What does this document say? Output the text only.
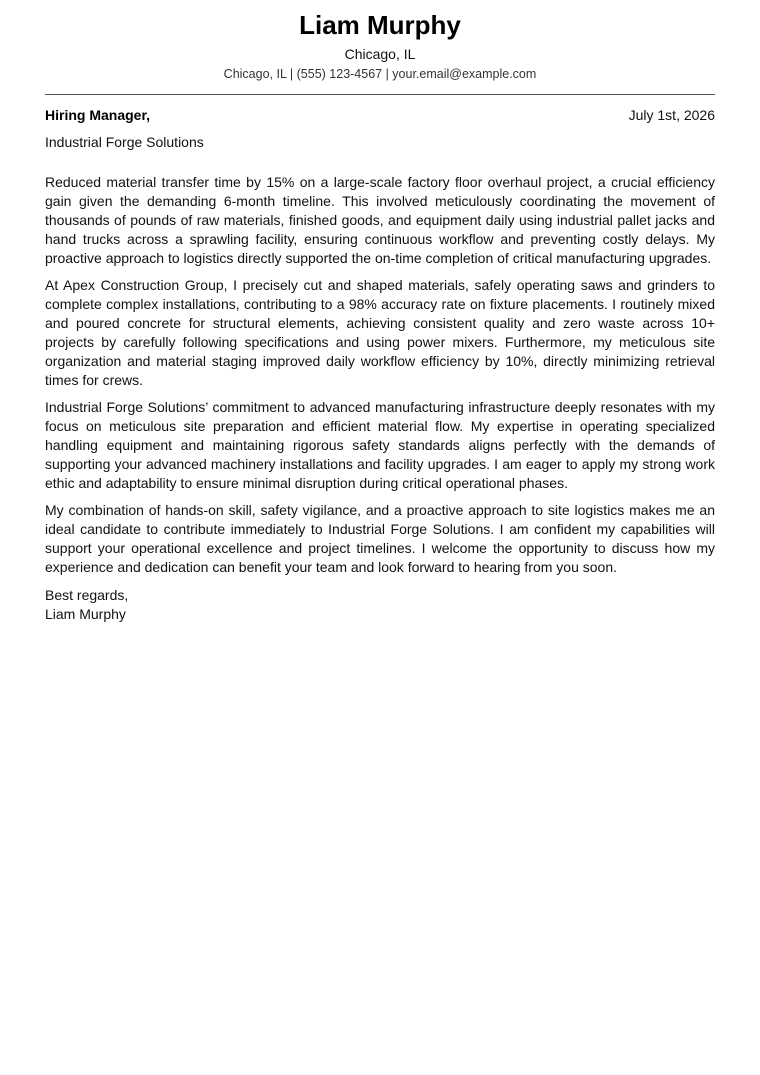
Liam Murphy
Chicago, IL
Chicago, IL | (555) 123-4567 | your.email@example.com
Hiring Manager,	July 1st, 2026
Industrial Forge Solutions

Reduced material transfer time by 15% on a large-scale factory floor overhaul project, a crucial efficiency gain given the demanding 6-month timeline. This involved meticulously coordinating the movement of thousands of pounds of raw materials, finished goods, and equipment daily using industrial pallet jacks and hand trucks across a sprawling facility, ensuring continuous workflow and preventing costly delays. My proactive approach to logistics directly supported the on-time completion of critical manufacturing upgrades.

At Apex Construction Group, I precisely cut and shaped materials, safely operating saws and grinders to complete complex installations, contributing to a 98% accuracy rate on fixture placements. I routinely mixed and poured concrete for structural elements, achieving consistent quality and zero waste across 10+ projects by carefully following specifications and using power mixers. Furthermore, my meticulous site organization and material staging improved daily workflow efficiency by 10%, directly minimizing retrieval times for crews.

Industrial Forge Solutions’ commitment to advanced manufacturing infrastructure deeply resonates with my focus on meticulous site preparation and efficient material flow. My expertise in operating specialized handling equipment and maintaining rigorous safety standards aligns perfectly with the demands of supporting your advanced machinery installations and facility upgrades. I am eager to apply my strong work ethic and adaptability to ensure minimal disruption during critical operational phases.

My combination of hands-on skill, safety vigilance, and a proactive approach to site logistics makes me an ideal candidate to contribute immediately to Industrial Forge Solutions. I am confident my capabilities will support your operational excellence and project timelines. I welcome the opportunity to discuss how my experience and dedication can benefit your team and look forward to hearing from you soon.

Best regards,
Liam Murphy
